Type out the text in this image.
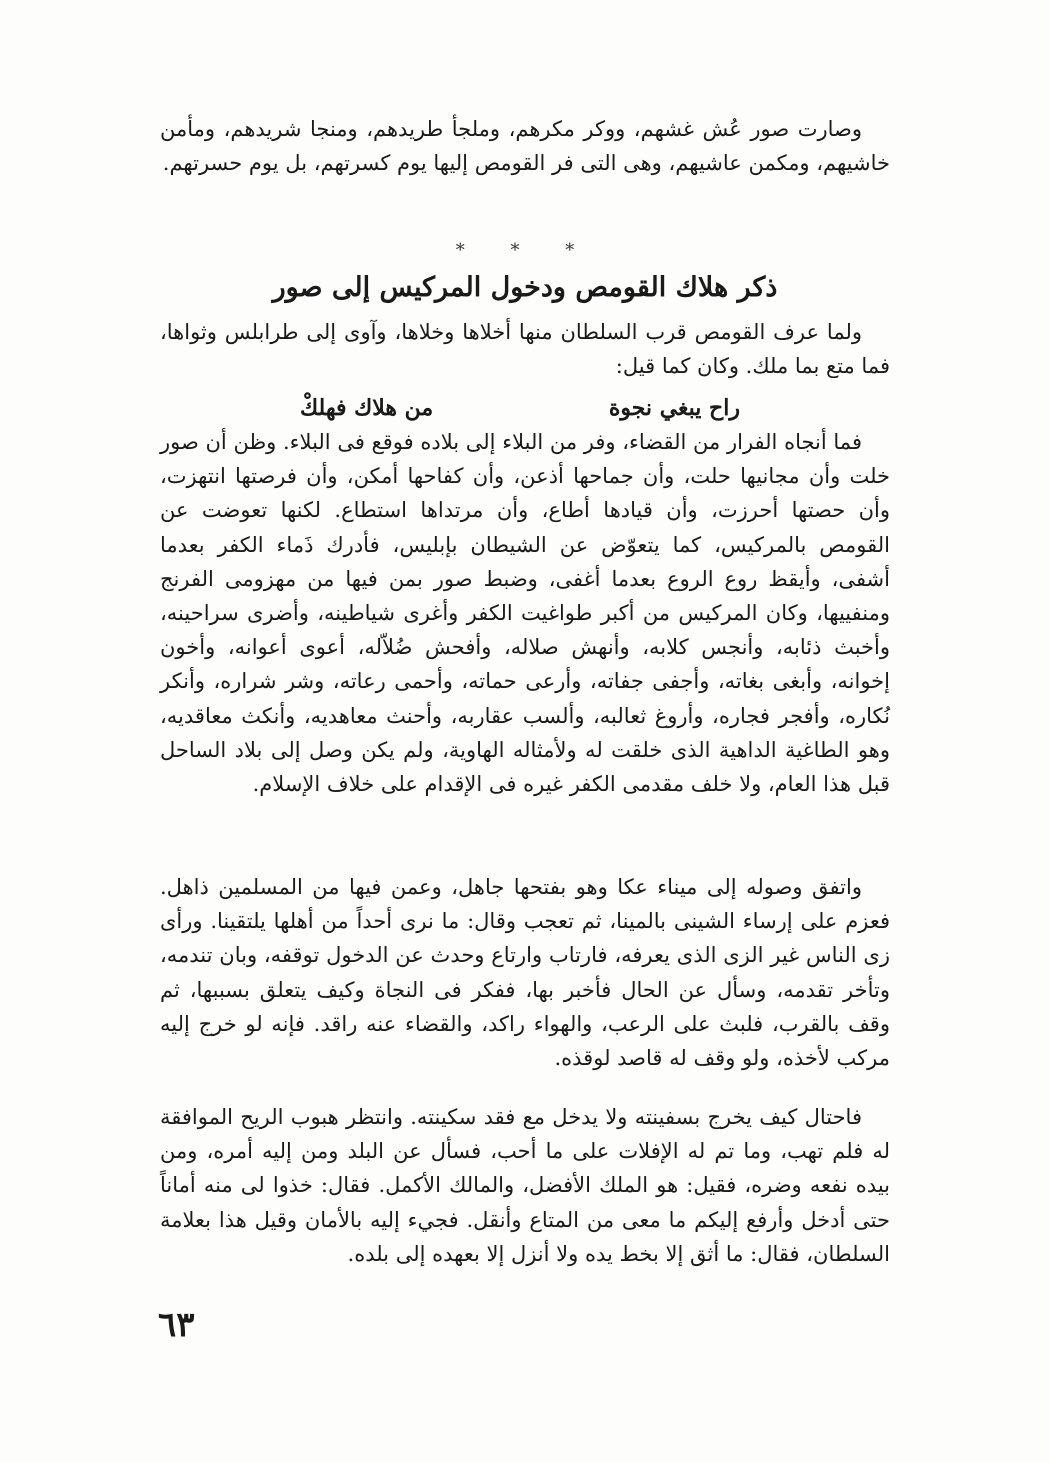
وصارت صور عُش غشهم، ووكر مكرهم، وملجأ طريدهم، ومنجا شريدهم، ومأمن خاشيهم، ومكمن عاشيهم، وهى التى فر القومص إليها يوم كسرتهم، بل يوم حسرتهم.

* * *
ذكر هلاك القومص ودخول المركيس إلى صور

ولما عرف القومص قرب السلطان منها أخلاها وخلاها، وآوى إلى طرابلس وثواها، فما متع بما ملك. وكان كما قيل:

راح يبغي نجوة
من هلاك فهلكْ

فما أنجاه الفرار من القضاء، وفر من البلاء إلى بلاده فوقع فى البلاء. وظن أن صور خلت وأن مجانيها حلت، وأن جماحها أذعن، وأن كفاحها أمكن، وأن فرصتها انتهزت، وأن حصتها أحرزت، وأن قيادها أطاع، وأن مرتداها استطاع. لكنها تعوضت عن القومص بالمركيس، كما يتعوّض عن الشيطان بإبليس، فأدرك ذَماء الكفر بعدما أشفى، وأيقظ روع الروع بعدما أغفى، وضبط صور بمن فيها من مهزومى الفرنج ومنفييها، وكان المركيس من أكبر طواغيت الكفر وأغرى شياطينه، وأضرى سراحينه، وأخبث ذئابه، وأنجس كلابه، وأنهش صلاله، وأفحش ضُلاّله، أعوى أعوانه، وأخون إخوانه، وأبغى بغاته، وأجفى جفاته، وأرعى حماته، وأحمى رعاته، وشر شراره، وأنكر نُكاره، وأفجر فجاره، وأروغ ثعالبه، وألسب عقاربه، وأحنث معاهديه، وأنكث معاقديه، وهو الطاغية الداهية الذى خلقت له ولأمثاله الهاوية، ولم يكن وصل إلى بلاد الساحل قبل هذا العام، ولا خلف مقدمى الكفر غيره فى الإقدام على خلاف الإسلام.

واتفق وصوله إلى ميناء عكا وهو بفتحها جاهل، وعمن فيها من المسلمين ذاهل. فعزم على إرساء الشينى بالمينا، ثم تعجب وقال: ما نرى أحداً من أهلها يلتقينا. ورأى زى الناس غير الزى الذى يعرفه، فارتاب وارتاع وحدث عن الدخول توقفه، وبان تندمه، وتأخر تقدمه، وسأل عن الحال فأخبر بها، ففكر فى النجاة وكيف يتعلق بسببها، ثم وقف بالقرب، فلبث على الرعب، والهواء راكد، والقضاء عنه راقد. فإنه لو خرج إليه مركب لأخذه، ولو وقف له قاصد لوقذه.

فاحتال كيف يخرج بسفينته ولا يدخل مع فقد سكينته. وانتظر هبوب الريح الموافقة له فلم تهب، وما تم له الإفلات على ما أحب، فسأل عن البلد ومن إليه أمره، ومن بيده نفعه وضره، فقيل: هو الملك الأفضل، والمالك الأكمل. فقال: خذوا لى منه أماناً حتى أدخل وأرفع إليكم ما معى من المتاع وأنقل. فجيء إليه بالأمان وقيل هذا بعلامة السلطان، فقال: ما أثق إلا بخط يده ولا أنزل إلا بعهده إلى بلده.

٦٣
